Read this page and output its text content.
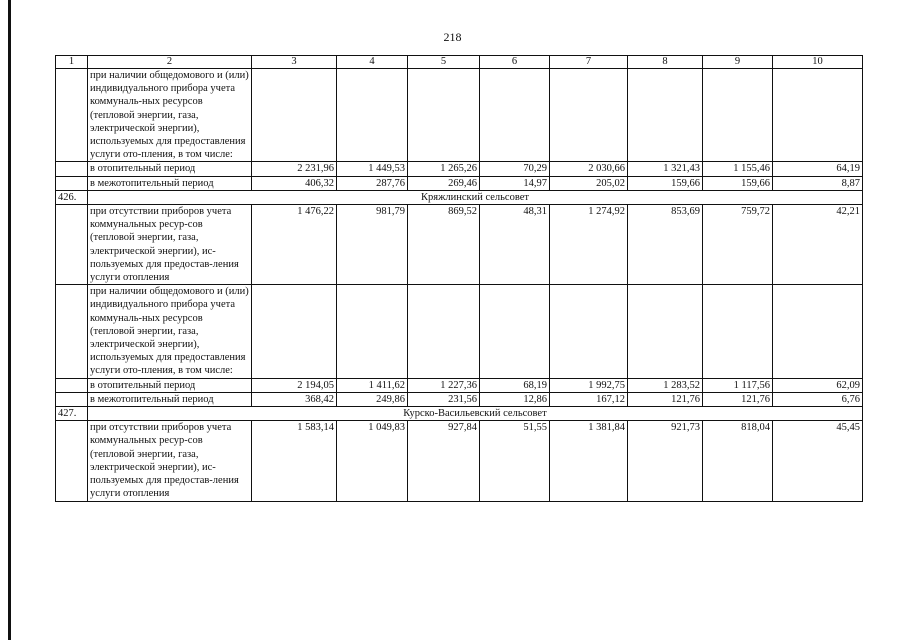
218
1	2	3	4	5	6	7	8	9	10
	при наличии общедомового и (или) индивидуального прибора учета коммуналь-ных ресурсов (тепловой энергии, газа, электрической энергии), используемых для предоставления услуги ото-пления, в том числе:								
	в отопительный период	2 231,96	1 449,53	1 265,26	70,29	2 030,66	1 321,43	1 155,46	64,19
	в межотопительный период	406,32	287,76	269,46	14,97	205,02	159,66	159,66	8,87
426.	Кряжлинский сельсовет								
	при отсутствии приборов учета коммунальных ресур-сов (тепловой энергии, газа, электрической энергии), ис-пользуемых для предостав-ления услуги отопления	1 476,22	981,79	869,52	48,31	1 274,92	853,69	759,72	42,21
	при наличии общедомового и (или) индивидуального прибора учета коммуналь-ных ресурсов (тепловой энергии, газа, электрической энергии), используемых для предоставления услуги ото-пления, в том числе:								
	в отопительный период	2 194,05	1 411,62	1 227,36	68,19	1 992,75	1 283,52	1 117,56	62,09
	в межотопительный период	368,42	249,86	231,56	12,86	167,12	121,76	121,76	6,76
427.	Курско-Васильевский сельсовет								
	при отсутствии приборов учета коммунальных ресур-сов (тепловой энергии, газа, электрической энергии), ис-пользуемых для предостав-ления услуги отопления	1 583,14	1 049,83	927,84	51,55	1 381,84	921,73	818,04	45,45
